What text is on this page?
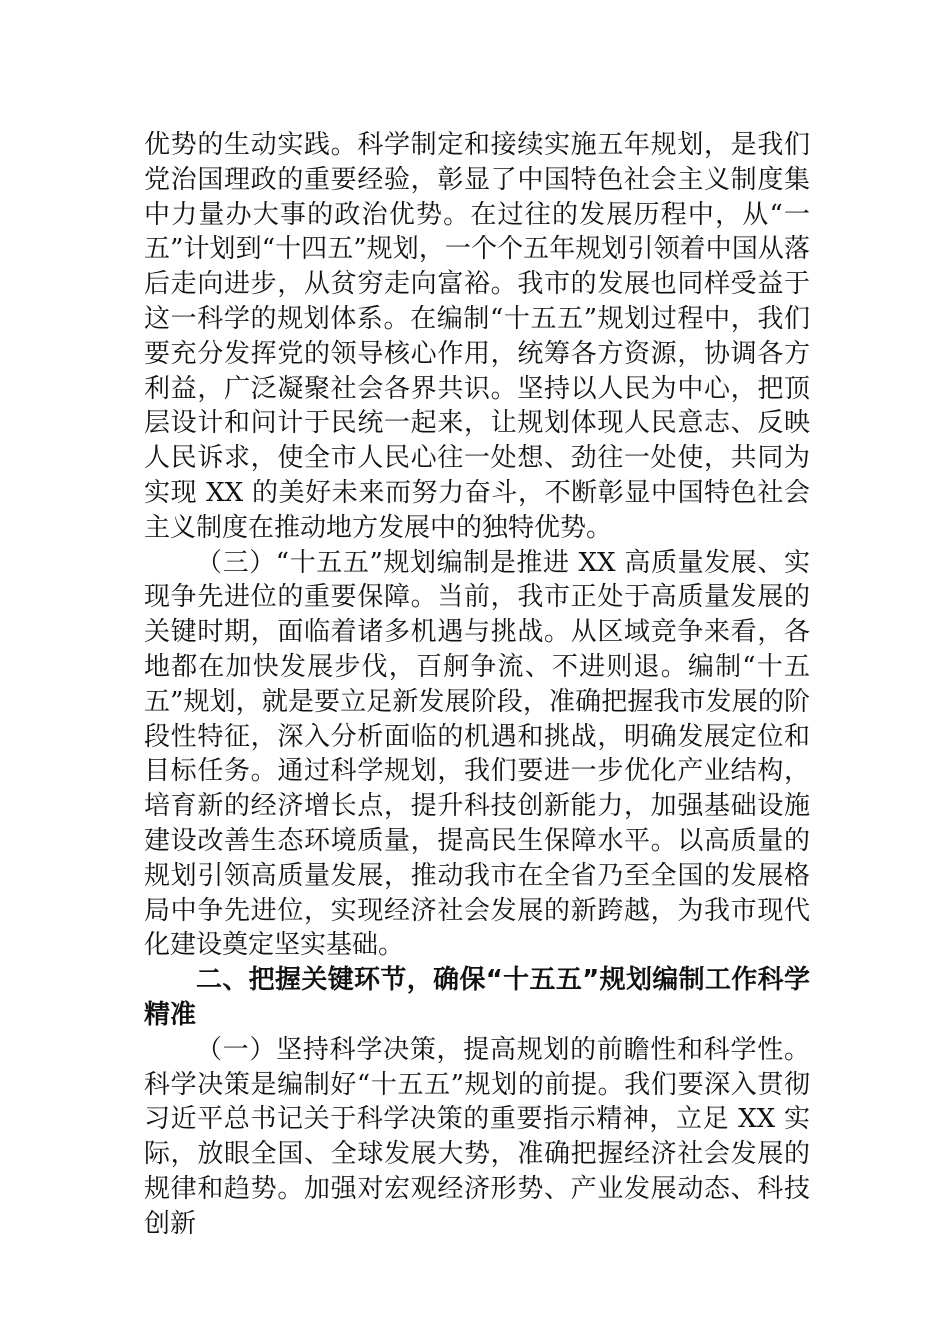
优势的生动实践。科学制定和接续实施五年规划，是我们党治国理政的重要经验，彰显了中国特色社会主义制度集中力量办大事的政治优势。在过往的发展历程中，从“一五”计划到“十四五”规划，一个个五年规划引领着中国从落后走向进步，从贫穷走向富裕。我市的发展也同样受益于这一科学的规划体系。在编制“十五五”规划过程中，我们要充分发挥党的领导核心作用，统筹各方资源，协调各方利益，广泛凝聚社会各界共识。坚持以人民为中心，把顶层设计和问计于民统一起来，让规划体现人民意志、反映人民诉求，使全市人民心往一处想、劲往一处使，共同为实现 XX 的美好未来而努力奋斗，不断彰显中国特色社会主义制度在推动地方发展中的独特优势。

（三）“十五五”规划编制是推进 XX 高质量发展、实现争先进位的重要保障。当前，我市正处于高质量发展的关键时期，面临着诸多机遇与挑战。从区域竞争来看，各地都在加快发展步伐，百舸争流、不进则退。编制“十五五”规划，就是要立足新发展阶段，准确把握我市发展的阶段性特征，深入分析面临的机遇和挑战，明确发展定位和目标任务。通过科学规划，我们要进一步优化产业结构，培育新的经济增长点，提升科技创新能力，加强基础设施建设改善生态环境质量，提高民生保障水平。以高质量的规划引领高质量发展，推动我市在全省乃至全国的发展格局中争先进位，实现经济社会发展的新跨越，为我市现代化建设奠定坚实基础。

二、把握关键环节，确保“十五五”规划编制工作科学精准

（一）坚持科学决策，提高规划的前瞻性和科学性。科学决策是编制好“十五五”规划的前提。我们要深入贯彻习近平总书记关于科学决策的重要指示精神，立足 XX 实际，放眼全国、全球发展大势，准确把握经济社会发展的规律和趋势。加强对宏观经济形势、产业发展动态、科技创新
